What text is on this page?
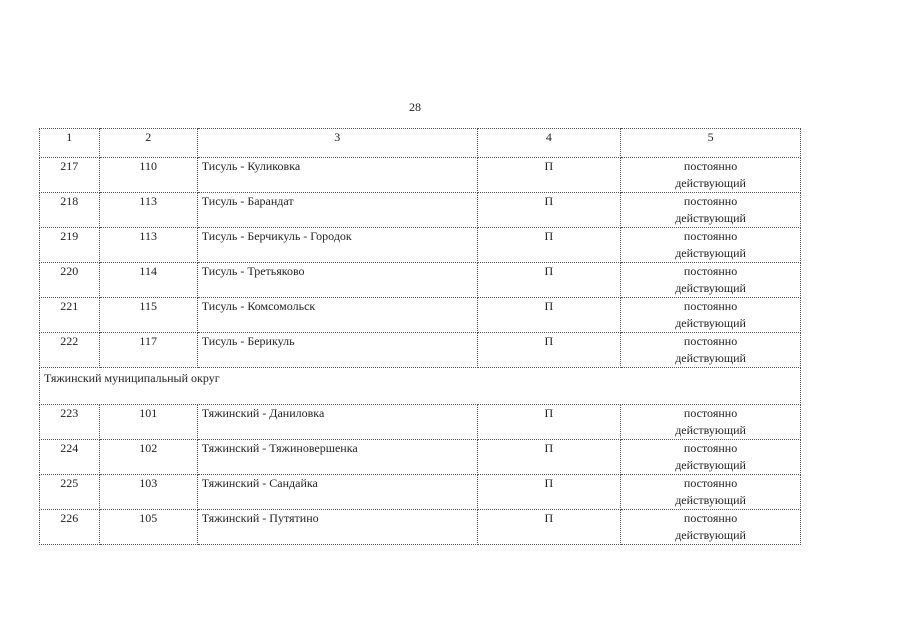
28
1	2	3	4	5
217	110	Тисуль - Куликовка	П	постоянно
действующий

218	113	Тисуль - Барандат	П	постоянно
действующий

219	113	Тисуль - Берчикуль - Городок	П	постоянно
действующий

220	114	Тисуль - Третьяково	П	постоянно
действующий

221	115	Тисуль - Комсомольск	П	постоянно
действующий

222	117	Тисуль - Берикуль	П	постоянно
действующий

Тяжинский муниципальный округ				
223	101	Тяжинский - Даниловка	П	постоянно
действующий

224	102	Тяжинский - Тяжиновершенка	П	постоянно
действующий

225	103	Тяжинский - Сандайка	П	постоянно
действующий

226	105	Тяжинский - Путятино	П	постоянно
действующий
